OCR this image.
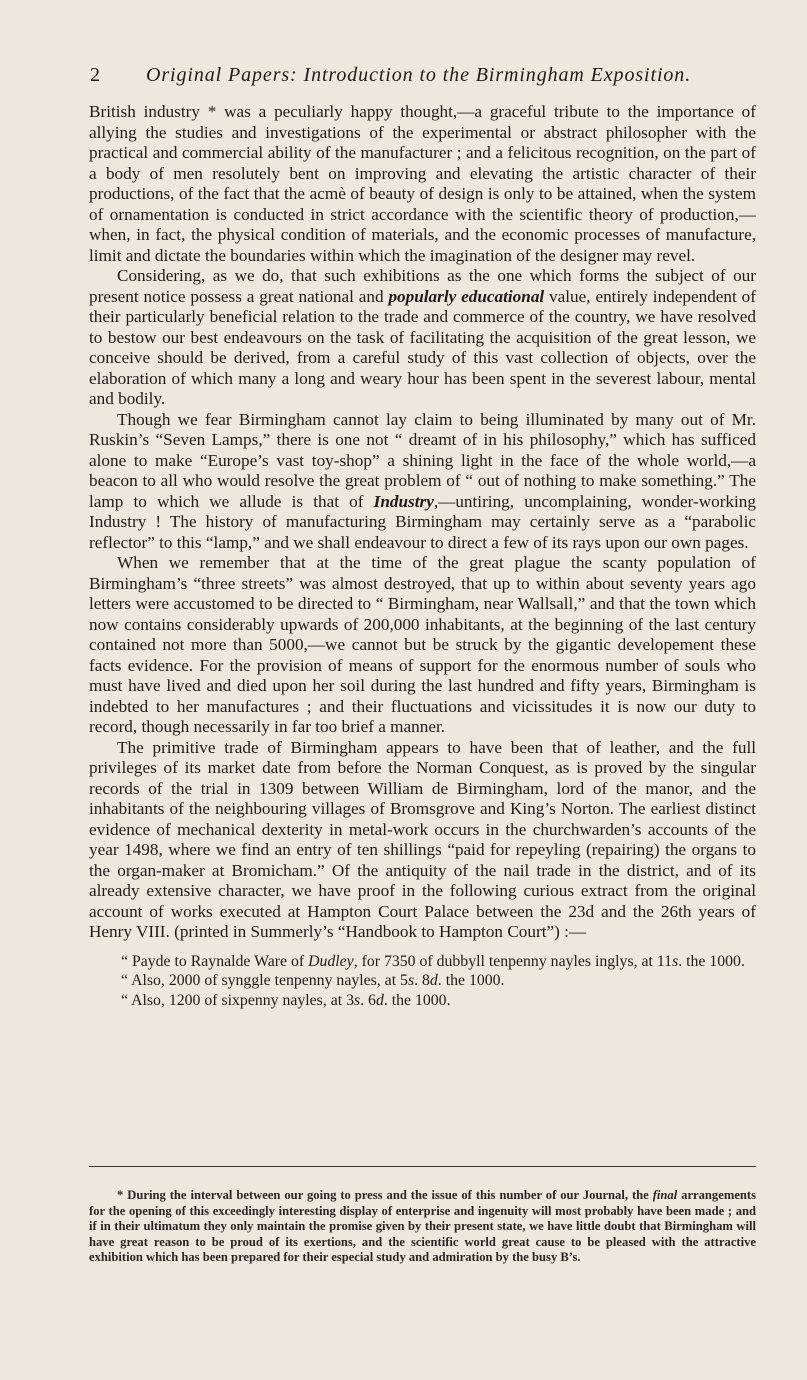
2 Original Papers: Introduction to the Birmingham Exposition.

British industry * was a peculiarly happy thought,—a graceful tribute to the importance of allying the studies and investigations of the experimental or abstract philosopher with the practical and commercial ability of the manufacturer ; and a felicitous recognition, on the part of a body of men resolutely bent on improving and elevating the artistic character of their productions, of the fact that the acmè of beauty of design is only to be attained, when the system of ornamentation is conducted in strict accordance with the scientific theory of production,—when, in fact, the physical condition of materials, and the economic processes of manufacture, limit and dictate the boundaries within which the imagination of the designer may revel.

Considering, as we do, that such exhibitions as the one which forms the subject of our present notice possess a great national and popularly educational value, entirely independent of their particularly beneficial relation to the trade and commerce of the country, we have resolved to bestow our best endeavours on the task of facilitating the acquisition of the great lesson, we conceive should be derived, from a careful study of this vast collection of objects, over the elaboration of which many a long and weary hour has been spent in the severest labour, mental and bodily.

Though we fear Birmingham cannot lay claim to being illuminated by many out of Mr. Ruskin’s “Seven Lamps,” there is one not “ dreamt of in his philosophy,” which has sufficed alone to make “Europe’s vast toy-shop” a shining light in the face of the whole world,—a beacon to all who would resolve the great problem of “ out of nothing to make something.” The lamp to which we allude is that of Industry,—untiring, uncomplaining, wonder-working Industry ! The history of manufacturing Birmingham may certainly serve as a “parabolic reflector” to this “lamp,” and we shall endeavour to direct a few of its rays upon our own pages.

When we remember that at the time of the great plague the scanty population of Birmingham’s “three streets” was almost destroyed, that up to within about seventy years ago letters were accustomed to be directed to “ Birmingham, near Wallsall,” and that the town which now contains considerably upwards of 200,000 inhabitants, at the beginning of the last century contained not more than 5000,—we cannot but be struck by the gigantic developement these facts evidence. For the provision of means of support for the enormous number of souls who must have lived and died upon her soil during the last hundred and fifty years, Birmingham is indebted to her manufactures ; and their fluctuations and vicissitudes it is now our duty to record, though necessarily in far too brief a manner.

The primitive trade of Birmingham appears to have been that of leather, and the full privileges of its market date from before the Norman Conquest, as is proved by the singular records of the trial in 1309 between William de Birmingham, lord of the manor, and the inhabitants of the neighbouring villages of Bromsgrove and King’s Norton. The earliest distinct evidence of mechanical dexterity in metal-work occurs in the churchwarden’s accounts of the year 1498, where we find an entry of ten shillings “paid for repeyling (repairing) the organs to the organ-maker at Bromicham.” Of the antiquity of the nail trade in the district, and of its already extensive character, we have proof in the following curious extract from the original account of works executed at Hampton Court Palace between the 23d and the 26th years of Henry VIII. (printed in Summerly’s “Handbook to Hampton Court”) :—

“ Payde to Raynalde Ware of Dudley, for 7350 of dubbyll tenpenny nayles inglys, at 11s. the 1000.

“ Also, 2000 of synggle tenpenny nayles, at 5s. 8d. the 1000.

“ Also, 1200 of sixpenny nayles, at 3s. 6d. the 1000.

* During the interval between our going to press and the issue of this number of our Journal, the final arrangements for the opening of this exceedingly interesting display of enterprise and ingenuity will most probably have been made ; and if in their ultimatum they only maintain the promise given by their present state, we have little doubt that Birmingham will have great reason to be proud of its exertions, and the scientific world great cause to be pleased with the attractive exhibition which has been prepared for their especial study and admiration by the busy B’s.
